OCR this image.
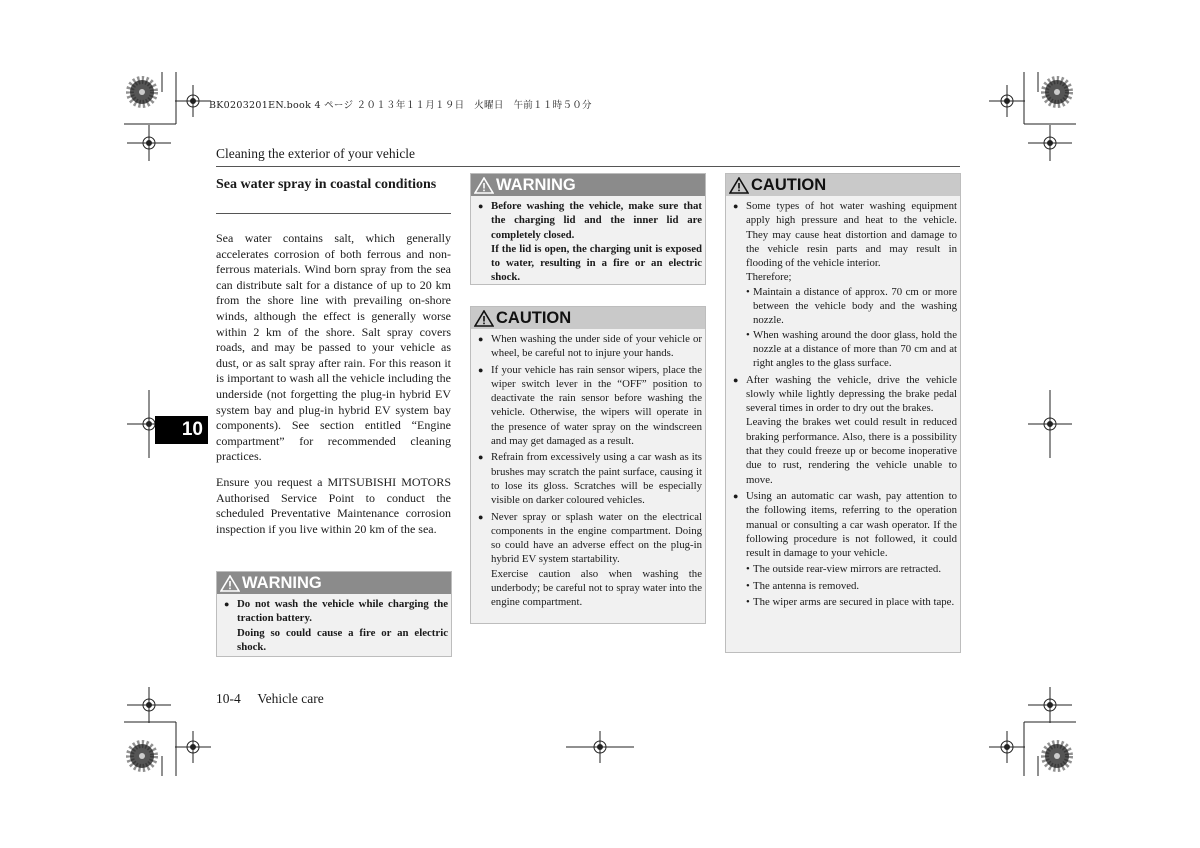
BK0203201EN.book 4 ページ ２０１３年１１月１９日　火曜日　午前１１時５０分
Cleaning the exterior of your vehicle
10
Sea water spray in coastal conditions

Sea water contains salt, which generally accelerates corrosion of both ferrous and non-ferrous materials. Wind born spray from the sea can distribute salt for a distance of up to 20 km from the shore line with prevailing on-shore winds, although the effect is generally worse within 2 km of the shore. Salt spray covers roads, and may be passed to your vehicle as dust, or as salt spray after rain. For this reason it is important to wash all the vehicle including the underside (not forgetting the plug-in hybrid EV system bay and plug-in hybrid EV system bay components). See section entitled “Engine compartment” for recommended cleaning practices.

Ensure you request a MITSUBISHI MOTORS Authorised Service Point to conduct the scheduled Preventative Maintenance corrosion inspection if you live within 20 km of the sea.

WARNING
● Do not wash the vehicle while charging the traction battery.
Doing so could cause a fire or an electric shock.
WARNING
● Before washing the vehicle, make sure that the charging lid and the inner lid are completely closed.
If the lid is open, the charging unit is exposed to water, resulting in a fire or an electric shock.
CAUTION
● When washing the under side of your vehicle or wheel, be careful not to injure your hands.
● If your vehicle has rain sensor wipers, place the wiper switch lever in the “OFF” position to deactivate the rain sensor before washing the vehicle. Otherwise, the wipers will operate in the presence of water spray on the windscreen and may get damaged as a result.
● Refrain from excessively using a car wash as its brushes may scratch the paint surface, causing it to lose its gloss. Scratches will be especially visible on darker coloured vehicles.
● Never spray or splash water on the electrical components in the engine compartment. Doing so could have an adverse effect on the plug-in hybrid EV system startability.
Exercise caution also when washing the underbody; be careful not to spray water into the engine compartment.
CAUTION
● Some types of hot water washing equipment apply high pressure and heat to the vehicle. They may cause heat distortion and damage to the vehicle resin parts and may result in flooding of the vehicle interior.
Therefore;
• Maintain a distance of approx. 70 cm or more between the vehicle body and the washing nozzle.
• When washing around the door glass, hold the nozzle at a distance of more than 70 cm and at right angles to the glass surface.
● After washing the vehicle, drive the vehicle slowly while lightly depressing the brake pedal several times in order to dry out the brakes.
Leaving the brakes wet could result in reduced braking performance. Also, there is a possibility that they could freeze up or become inoperative due to rust, rendering the vehicle unable to move.
● Using an automatic car wash, pay attention to the following items, referring to the operation manual or consulting a car wash operator. If the following procedure is not followed, it could result in damage to your vehicle.
• The outside rear-view mirrors are retracted.
• The antenna is removed.
• The wiper arms are secured in place with tape.
10-4 Vehicle care
